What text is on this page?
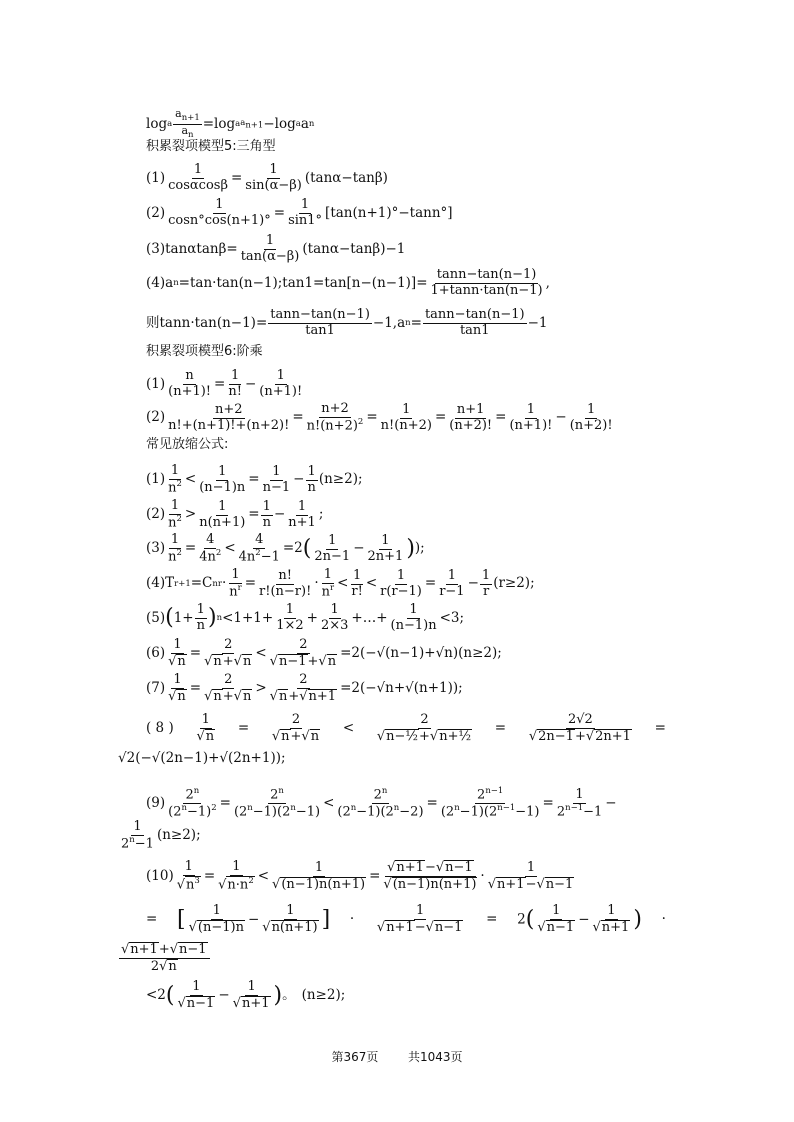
log a $\frac{a_{n+1}}{a_n} =\log$ a $a_{n+1} -\log$ a a n
积累裂项模型5:三角型
(1)
1
cosαcosβ =
1
sin(α−β) (tanα−tanβ)
(2)
1
cosn°cos(n+1)° =
1
sin1° [tan(n+1)°−tann°]
(3) $\tan\alpha\tan\beta= \frac{1}{\tan(\alpha-\beta)} (\tan\alpha-\tan\beta)-1$
(4) a n =tan·tan(n−1);tan1=tan[n−(n−1)]= $\frac{\tan n-\tan(n-1)}{1+\tan n\cdot\tan(n-1)}$ ,
则 $\tan n\cdot\tan(n-1)= \frac{\tan n-\tan(n-1)}{\tan 1} -1,a$ n =
tann−tan(n−1)
tan1	−1
积累裂项模型6:阶乘
(1)
n
(n+1)! =
1
n! −
1
(n+1)!
(2)
n+2
n!+(n+1)!+(n+2)! =
n+2
$n!(n+2)^2$ =
1
n!(n+2) =
n+1
(n+2)! =
1
(n+1)! −
1
(n+2)!
常见放缩公式:
(1)
1
$n^2$ <
1
(n−1)n =
1
n−1 −
1
n (n≥2);
(2)
1
$n^2$ >
1
n(n+1) =
1
n −
1
n+1 ;
(3)
1
$n^2$ =
4
$4n^2$ <
4
$4n^2-1$
=2 ( 1
2n−1 −
1
2n+1 ) );
(4) T r+1 =C n r ·
1
$n^r$ =
n!
r!(n−r)! ·
1
$n^r$ <
1
r! <
1
r(r−1) =
1
r−1 −
1
r (r≥2);
(5) ( 1+
1
n ) n <1+1+
1
1×2 +
1
2×3 +…+
1
(n−1)n <3;
(6)
1
√n
=
2
√n+√n
< $\frac{2}{√n-1+√n} =2(-√(n-1)+√n)(n\ge 2)$;
(7)
1
√n
=
2
√n+√n
> $\frac{2}{√n+√n+1} =2(-√n+√(n+1))$;
( 8 )
1
√n
=
2
√n+√n
<
2
√n−½+√n+½
=
2√2
√2n−1+√2n+1
=
√2(−√(2n−1)+√(2n+1));
(9)
2$^n$
$(2^n-1)^2$ =
$2^n$
$(2^n-1)(2^n-1)$
<
$2^n$
$(2^n-1)(2^n-2)$
=
$2^{n-1}$
$(2^n-1)(2^{n-1}-1)$
=
1
$2^{n-1}-1$
−
1
$2^n-1$
(n≥2);
(10)
1
$√n^3$ =
1
$√n\cdot n^2$ <
1
√(n−1)n(n+1)
=
√n+1−√n−1
√(n−1)n(n+1)
·
1
√n+1−√n−1
= [ $\frac{1}{√(n-1)n} - \frac{1}{√n(n+1)}$ ] · $\frac{1}{√n+1-√n-1} = 2( \frac{1}{√n-1} - \frac{1}{√n+1}$ ) ·
√n+1+√n−1
2√n
<2 ( 1
√n−1
−
1
√n+1 ) 。 (n≥2);
第367页 共1043页
